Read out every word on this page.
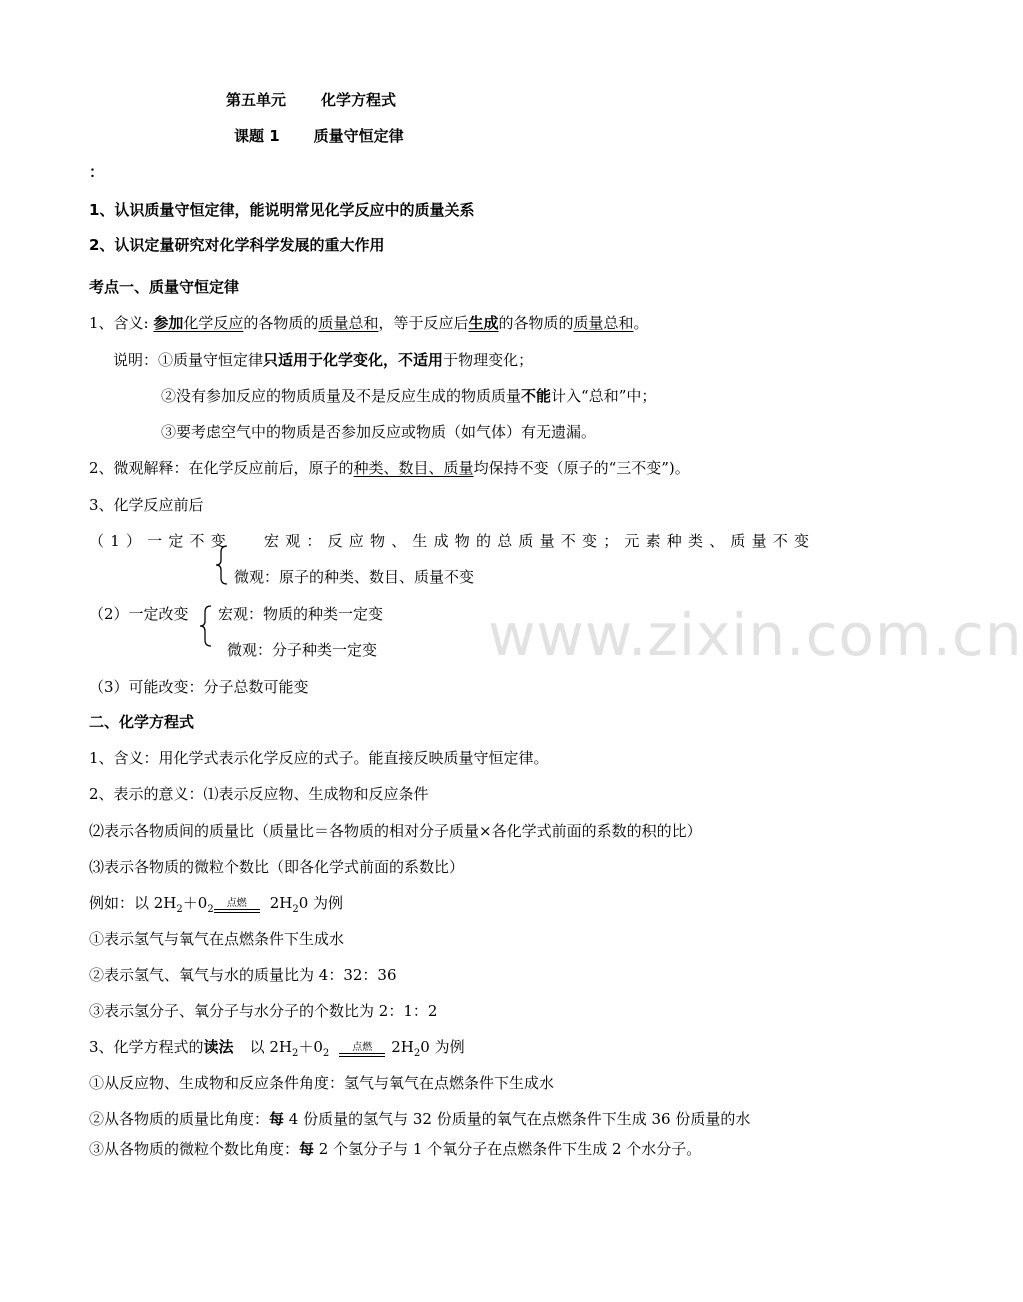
www.zixin.com.cn
第五单元 化学方程式
课题 1 质量守恒定律
：
1、认识质量守恒定律，能说明常见化学反应中的质量关系
2、认识定量研究对化学科学发展的重大作用
考点一、质量守恒定律
1、含义: 参加化学反应的各物质的质量总和，等于反应后生成的各物质的质量总和。
说明：①质量守恒定律只适用于化学变化，不适用于物理变化；
②没有参加反应的物质质量及不是反应生成的物质质量不能计入“总和”中；
③要考虑空气中的物质是否参加反应或物质（如气体）有无遗漏。
2、微观解释：在化学反应前后，原子的种类、数目、质量均保持不变（原子的“三不变”)。
3、化学反应前后
（1）一定不变 宏观：反应物、生成物的总质量不变；元素种类、质量不变
微观：原子的种类、数目、质量不变
（2）一定改变 宏观：物质的种类一定变
微观：分子种类一定变
（3）可能改变：分子总数可能变
二、化学方程式
1、含义：用化学式表示化学反应的式子。能直接反映质量守恒定律。
2、表示的意义：⑴表示反应物、生成物和反应条件
⑵表示各物质间的质量比（质量比＝各物质的相对分子质量×各化学式前面的系数的积的比）
⑶表示各物质的微粒个数比（即各化学式前面的系数比）
例如：以 $2H_2+0_2$
点燃	$2H_20$ 为例
①表示氢气与氧气在点燃条件下生成水
②表示氢气、氧气与水的质量比为 4：32：36
③表示氢分子、氧分子与水分子的个数比为 2：1：2
3、化学方程式的读法 以 $2H_2+0_2$
点燃	$2H_20$ 为例
①从反应物、生成物和反应条件角度：氢气与氧气在点燃条件下生成水
②从各物质的质量比角度：每 4 份质量的氢气与 32 份质量的氧气在点燃条件下生成 36 份质量的水
③从各物质的微粒个数比角度：每 2 个氢分子与 1 个氧分子在点燃条件下生成 2 个水分子。
